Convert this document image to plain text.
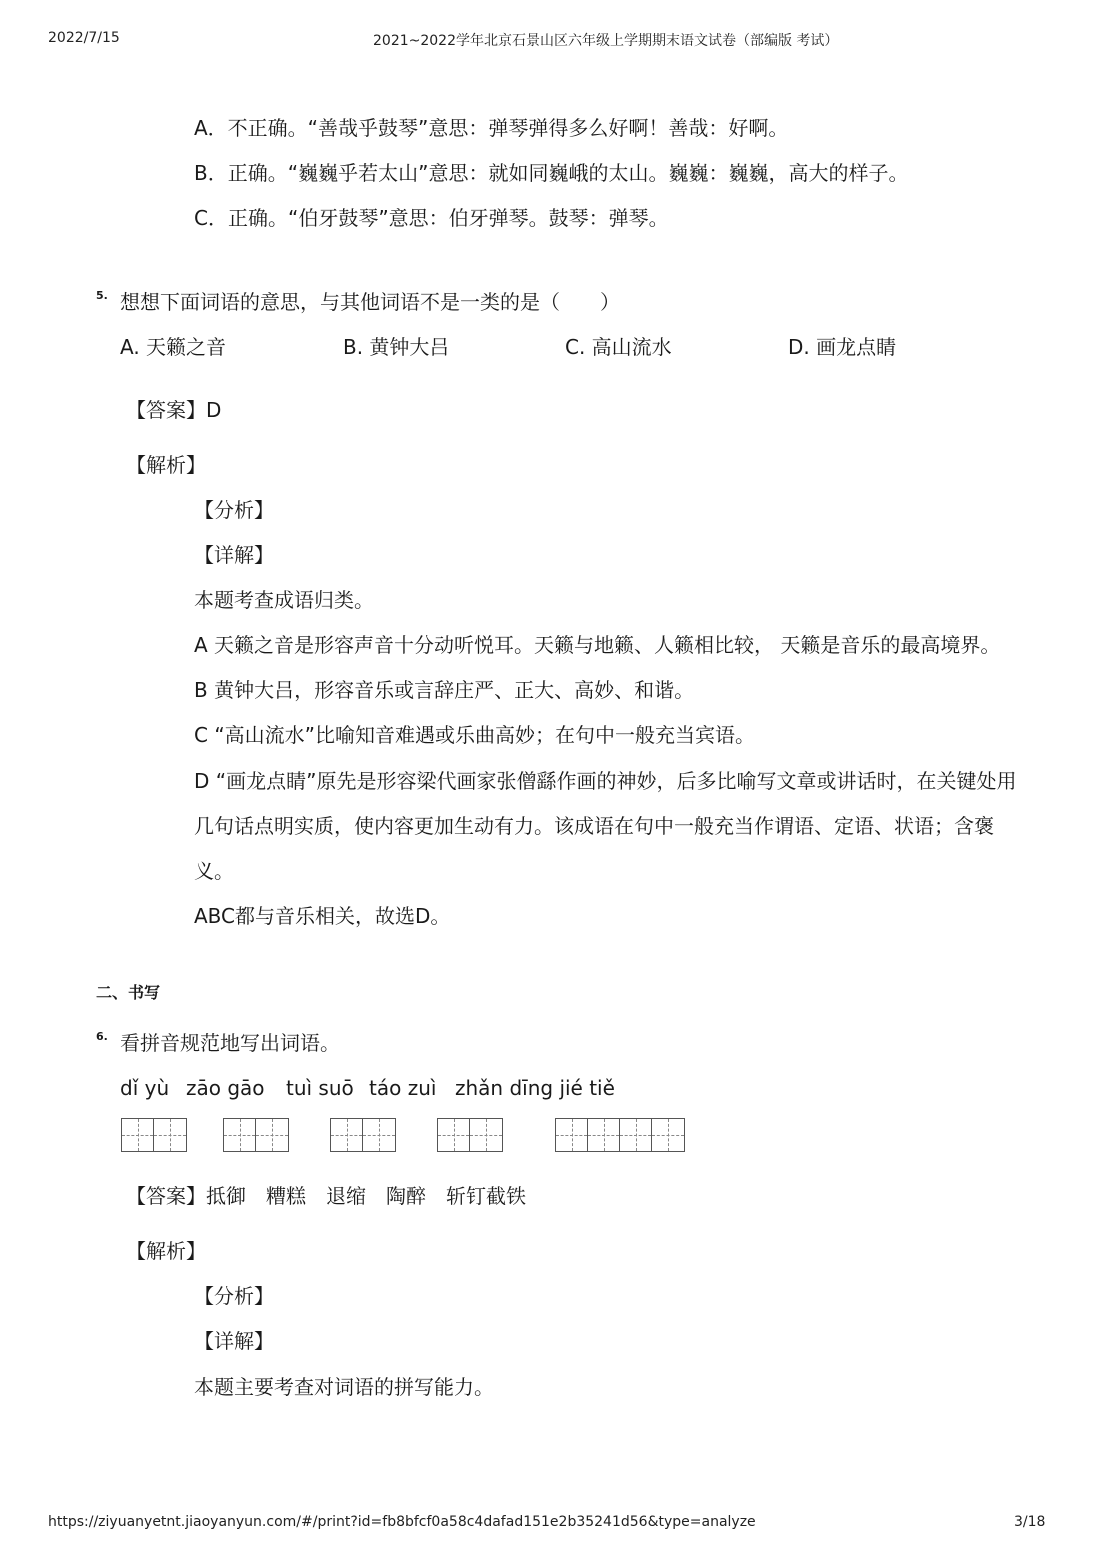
2022/7/15	2021~2022学年北京石景山区六年级上学期期末语文试卷（部编版 考试）
A．不正确。“善哉乎鼓琴”意思：弹琴弹得多么好啊！善哉：好啊。
B．正确。“巍巍乎若太山”意思：就如同巍峨的太山。巍巍：巍巍，高大的样子。
C．正确。“伯牙鼓琴”意思：伯牙弹琴。鼓琴：弹琴。
5. 想想下面词语的意思，与其他词语不是一类的是（　　）
A. 天籁之音	B. 黄钟大吕	C. 高山流水	D. 画龙点睛
【答案】D
【解析】
【分析】
【详解】
本题考查成语归类。
A 天籁之音是形容声音十分动听悦耳。天籁与地籁、人籁相比较， 天籁是音乐的最高境界。
B 黄钟大吕，形容音乐或言辞庄严、正大、高妙、和谐。
C “高山流水”比喻知音难遇或乐曲高妙；在句中一般充当宾语。
D “画龙点睛”原先是形容梁代画家张僧繇作画的神妙，后多比喻写文章或讲话时，在关键处用
几句话点明实质，使内容更加生动有力。该成语在句中一般充当作谓语、定语、状语；含褒
义。
ABC都与音乐相关，故选D。
二、书写
6. 看拼音规范地写出词语。
dǐ yù zāo gāo tuì suō táo zuì zhǎn dīng jié tiě
【答案】抵御　糟糕　退缩　陶醉　斩钉截铁
【解析】
【分析】
【详解】
本题主要考查对词语的拼写能力。
https://ziyuanyetnt.jiaoyanyun.com/#/print?id=fb8bfcf0a58c4dafad151e2b35241d56&type=analyze	3/18
